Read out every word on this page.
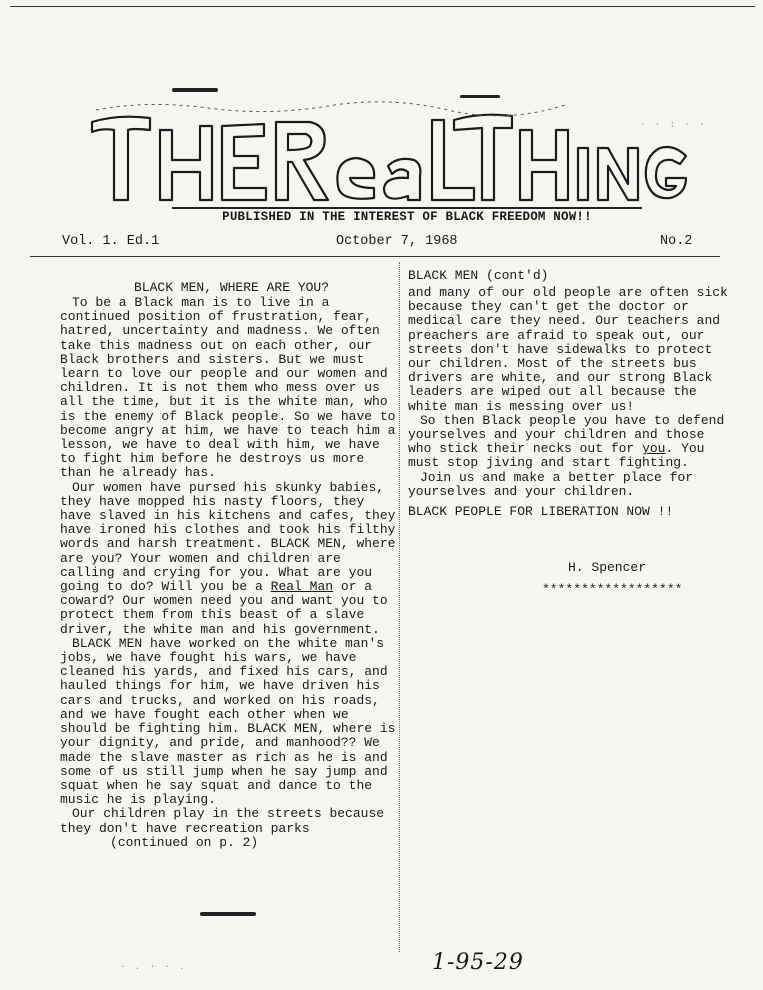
PUBLISHED IN THE INTEREST OF BLACK FREEDOM NOW!!
Vol. 1. Ed.1	October 7, 1968	No.2
BLACK MEN, WHERE ARE YOU?

To be a Black man is to live in a continued position of frustration, fear, hatred, uncertainty and madness. We often take this madness out on each other, our Black brothers and sisters. But we must learn to love our people and our women and children. It is not them who mess over us all the time, but it is the white man, who is the enemy of Black people. So we have to become angry at him, we have to teach him a lesson, we have to deal with him, we have to fight him before he destroys us more than he already has.

Our women have pursed his skunky babies, they have mopped his nasty floors, they have slaved in his kitchens and cafes, they have ironed his clothes and took his filthy words and harsh treatment. BLACK MEN, where are you? Your women and children are calling and crying for you. What are you going to do? Will you be a Real Man or a coward? Our women need you and want you to protect them from this beast of a slave driver, the white man and his government.

BLACK MEN have worked on the white man's jobs, we have fought his wars, we have cleaned his yards, and fixed his cars, and hauled things for him, we have driven his cars and trucks, and worked on his roads, and we have fought each other when we should be fighting him. BLACK MEN, where is your dignity, and pride, and manhood?? We made the slave master as rich as he is and some of us still jump when he say jump and squat when he say squat and dance to the music he is playing.

Our children play in the streets because they don't have recreation parks

(continued on p. 2)

BLACK MEN (cont'd)

and many of our old people are often sick because they can't get the doctor or medical care they need. Our teachers and preachers are afraid to speak out, our streets don't have sidewalks to protect our children. Most of the streets bus drivers are white, and our strong Black leaders are wiped out all because the white man is messing over us!

So then Black people you have to defend yourselves and your children and those who stick their necks out for you. You must stop jiving and start fighting.

Join us and make a better place for yourselves and your children.

BLACK PEOPLE FOR LIBERATION NOW !!

H. Spencer
******************
1-95-29
· · : · ·
· . · · .
